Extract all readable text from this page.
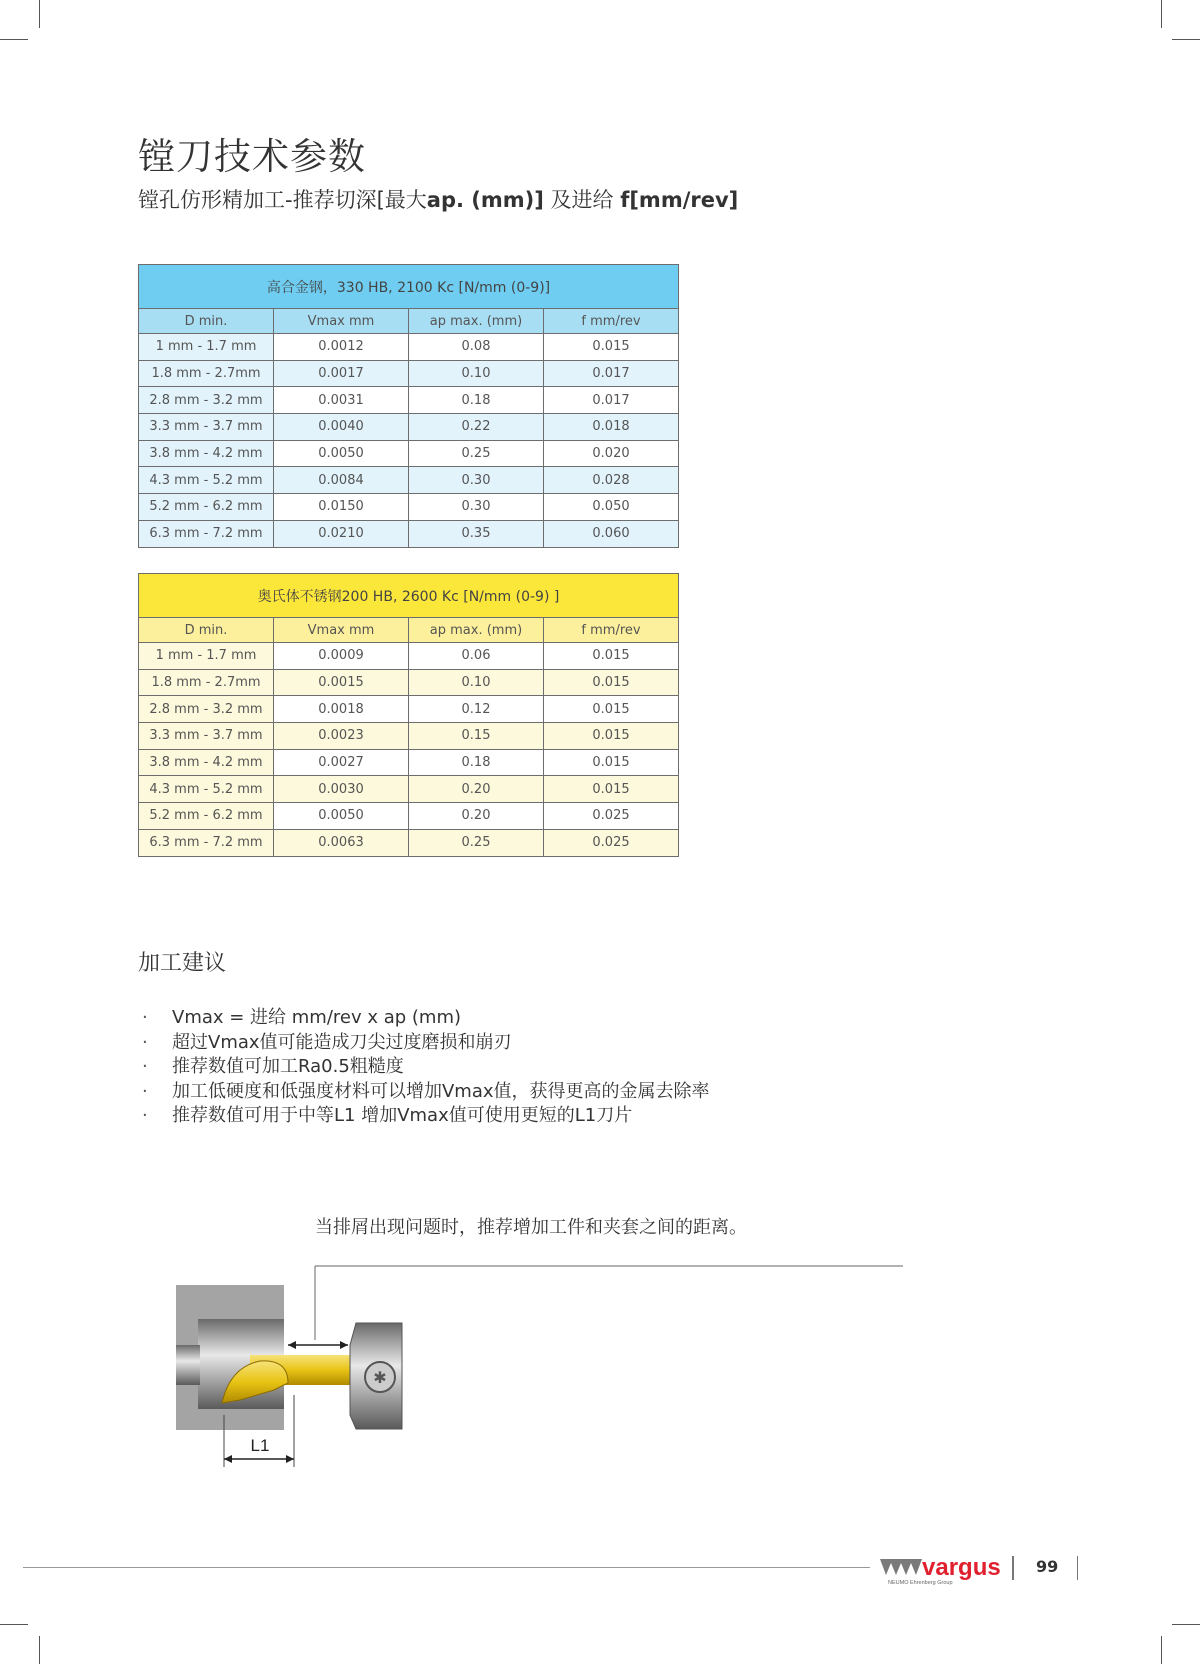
镗刀技术参数
镗孔仿形精加工-推荐切深[最大ap. (mm)] 及进给 f[mm/rev]
高合金钢，330 HB, 2100 Kc [N/mm (0-9)]			
D min.	Vmax mm	ap max. (mm)	f mm/rev
1 mm - 1.7 mm	0.0012	0.08	0.015
1.8 mm - 2.7mm	0.0017	0.10	0.017
2.8 mm - 3.2 mm	0.0031	0.18	0.017
3.3 mm - 3.7 mm	0.0040	0.22	0.018
3.8 mm - 4.2 mm	0.0050	0.25	0.020
4.3 mm - 5.2 mm	0.0084	0.30	0.028
5.2 mm - 6.2 mm	0.0150	0.30	0.050
6.3 mm - 7.2 mm	0.0210	0.35	0.060
奥氏体不锈钢200 HB, 2600 Kc [N/mm (0-9) ]			
D min.	Vmax mm	ap max. (mm)	f mm/rev
1 mm - 1.7 mm	0.0009	0.06	0.015
1.8 mm - 2.7mm	0.0015	0.10	0.015
2.8 mm - 3.2 mm	0.0018	0.12	0.015
3.3 mm - 3.7 mm	0.0023	0.15	0.015
3.8 mm - 4.2 mm	0.0027	0.18	0.015
4.3 mm - 5.2 mm	0.0030	0.20	0.015
5.2 mm - 6.2 mm	0.0050	0.20	0.025
6.3 mm - 7.2 mm	0.0063	0.25	0.025
加工建议
· Vmax = 进给 mm/rev x ap (mm)
· 超过Vmax值可能造成刀尖过度磨损和崩刃
· 推荐数值可加工Ra0.5粗糙度
· 加工低硬度和低强度材料可以增加Vmax值，获得更高的金属去除率
· 推荐数值可用于中等L1 增加Vmax值可使用更短的L1刀片
当排屑出现问题时，推荐增加工件和夹套之间的距离。
✱
L1
vargus
NEUMO Ehrenberg Group
99
